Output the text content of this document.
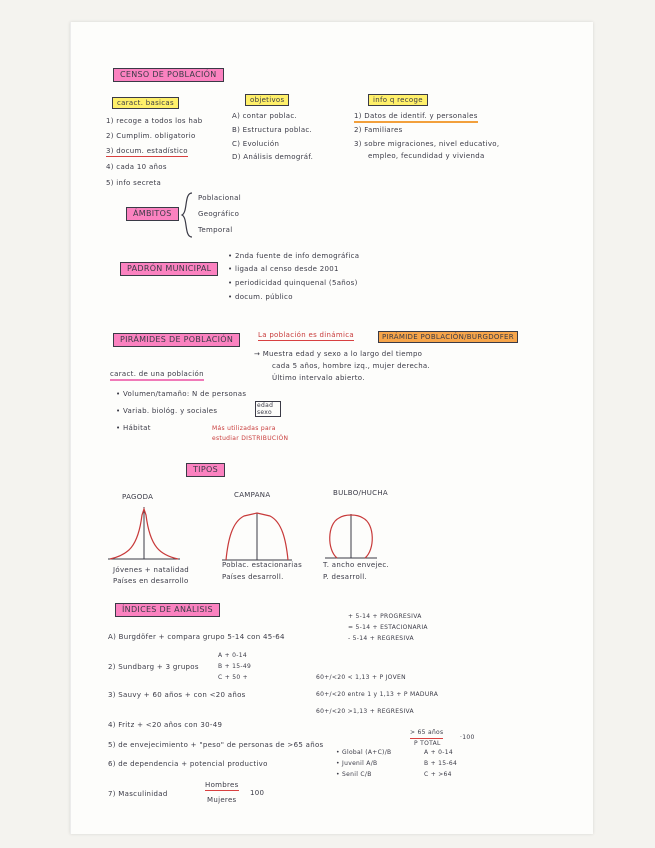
CENSO DE POBLACIÓN
caract. basicas
1) recoge a todos los hab
2) Cumplim. obligatorio
3) docum. estadístico
4) cada 10 años
5) info secreta
objetivos
A) contar poblac.
B) Estructura poblac.
C) Evolución
D) Análisis demográf.
info q recoge
1) Datos de identif. y personales
2) Familiares
3) sobre migraciones, nivel educativo,
empleo, fecundidad y vivienda
ÁMBITOS
Poblacional
Geográfico
Temporal
PADRÓN MUNICIPAL
• 2nda fuente de info demográfica
• ligada al censo desde 2001
• periodicidad quinquenal (5años)
• docum. público
PIRÁMIDES DE POBLACIÓN	La población es dinámica	PIRÁMIDE POBLACIÓN/BURGDOFER
→ Muestra edad y sexo a lo largo del tiempo
cada 5 años, hombre izq., mujer derecha.
Último intervalo abierto.
caract. de una población
• Volumen/tamaño: N de personas
• Variab. biológ. y sociales
• Hábitat
edad
sexo
Más utilizadas para
estudiar DISTRIBUCIÓN
TIPOS
PAGODA	CAMPANA	BULBO/HUCHA
Jóvenes + natalidad
Países en desarrollo
Poblac. estacionarias
Países desarroll.
T. ancho envejec.
P. desarroll.
ÍNDICES DE ANÁLISIS
A) Burgdöfer + compara grupo 5-14 con 45-64
+ 5-14 + PROGRESIVA
= 5-14 + ESTACIONARIA
- 5-14 + REGRESIVA
2) Sundbarg + 3 grupos
A + 0-14
B + 15-49
C + 50 +
3) Sauvy + 60 años + con <20 años
60+/<20 < 1,13 + P JOVEN
60+/<20 entre 1 y 1,13 + P MADURA
60+/<20 >1,13 + REGRESIVA
4) Fritz + <20 años con 30-49
5) de envejecimiento + "peso" de personas de >65 años
> 65 años
P TOTAL
·100
6) de dependencia + potencial productivo
• Global (A+C)/B
• Juvenil A/B
• Senil C/B
A + 0-14
B + 15-64
C + >64
7) Masculinidad
Hombres
Mujeres
100
